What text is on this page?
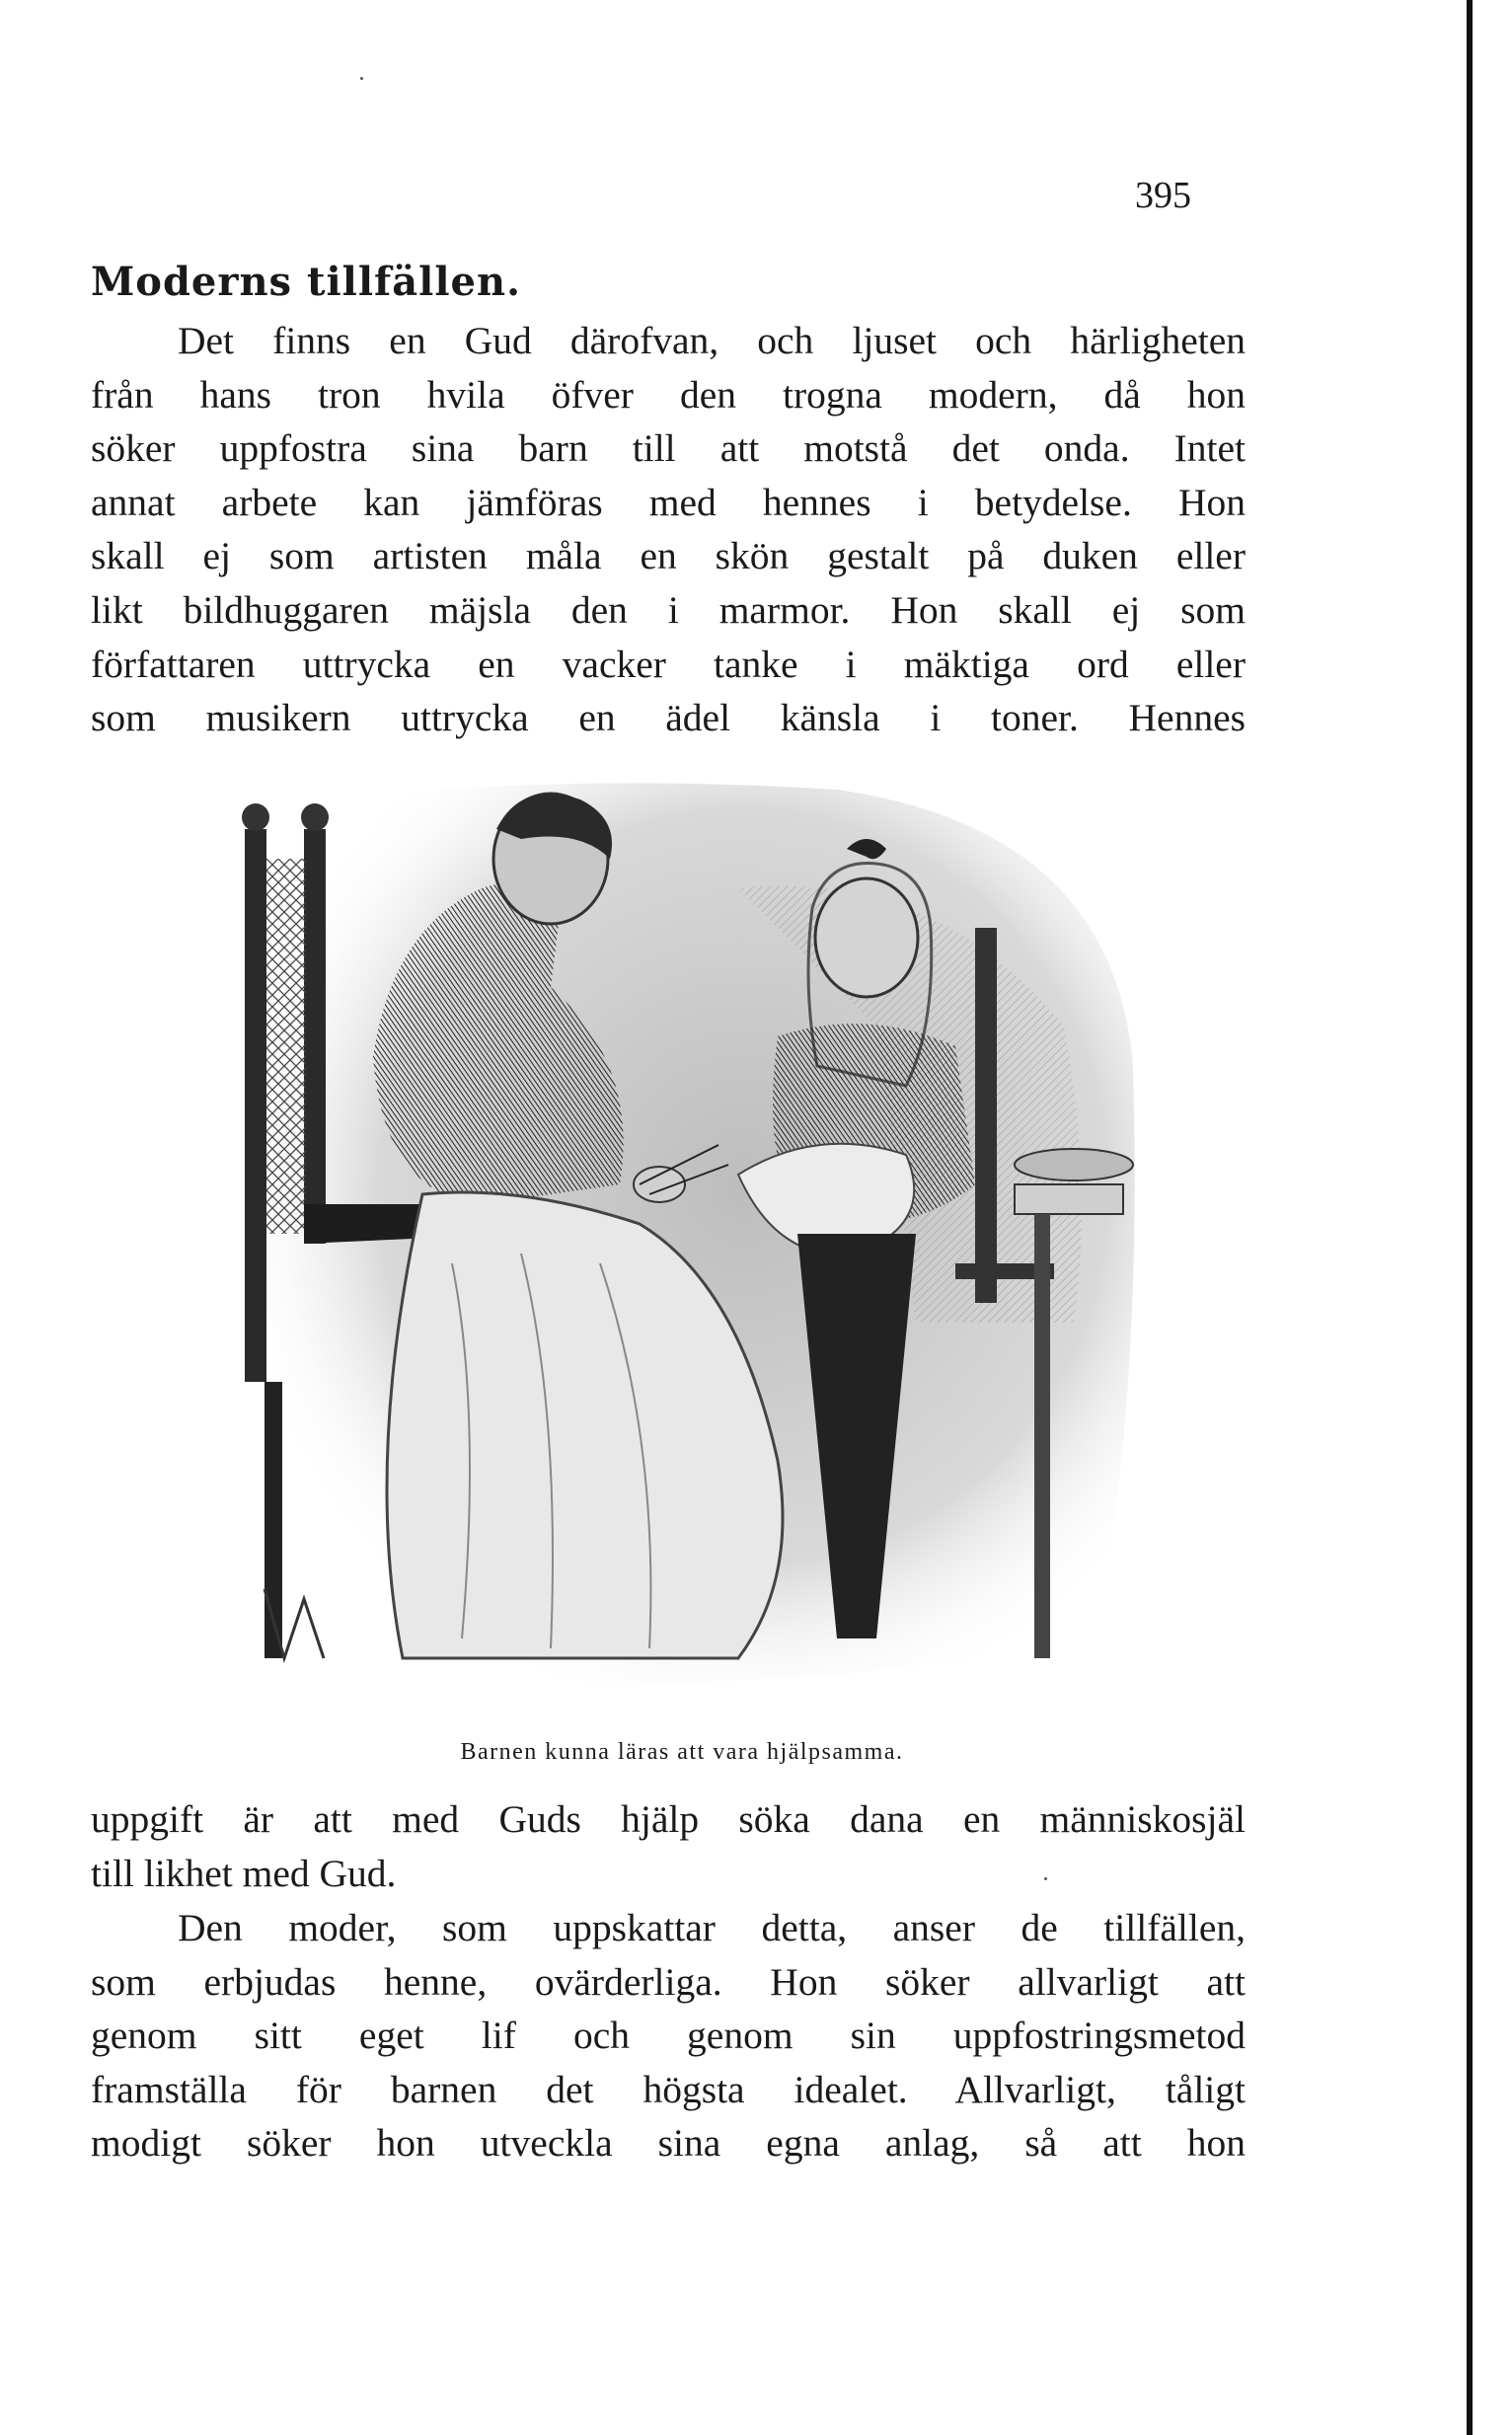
395
Moderns tillfällen.

Det finns en Gud därofvan, och ljuset och härligheten
från hans tron hvila öfver den trogna modern, då hon
söker uppfostra sina barn till att motstå det onda. Intet
annat arbete kan jämföras med hennes i betydelse. Hon
skall ej som artisten måla en skön gestalt på duken eller
likt bildhuggaren mäjsla den i marmor. Hon skall ej som
författaren uttrycka en vacker tanke i mäktiga ord eller
som musikern uttrycka en ädel känsla i toner. Hennes

Barnen kunna läras att vara hjälpsamma.

uppgift är att med Guds hjälp söka dana en människosjäl
till likhet med Gud.

Den moder, som uppskattar detta, anser de tillfällen,
som erbjudas henne, ovärderliga. Hon söker allvarligt att
genom sitt eget lif och genom sin uppfostringsmetod
framställa för barnen det högsta idealet. Allvarligt, tåligt
modigt söker hon utveckla sina egna anlag, så att hon
